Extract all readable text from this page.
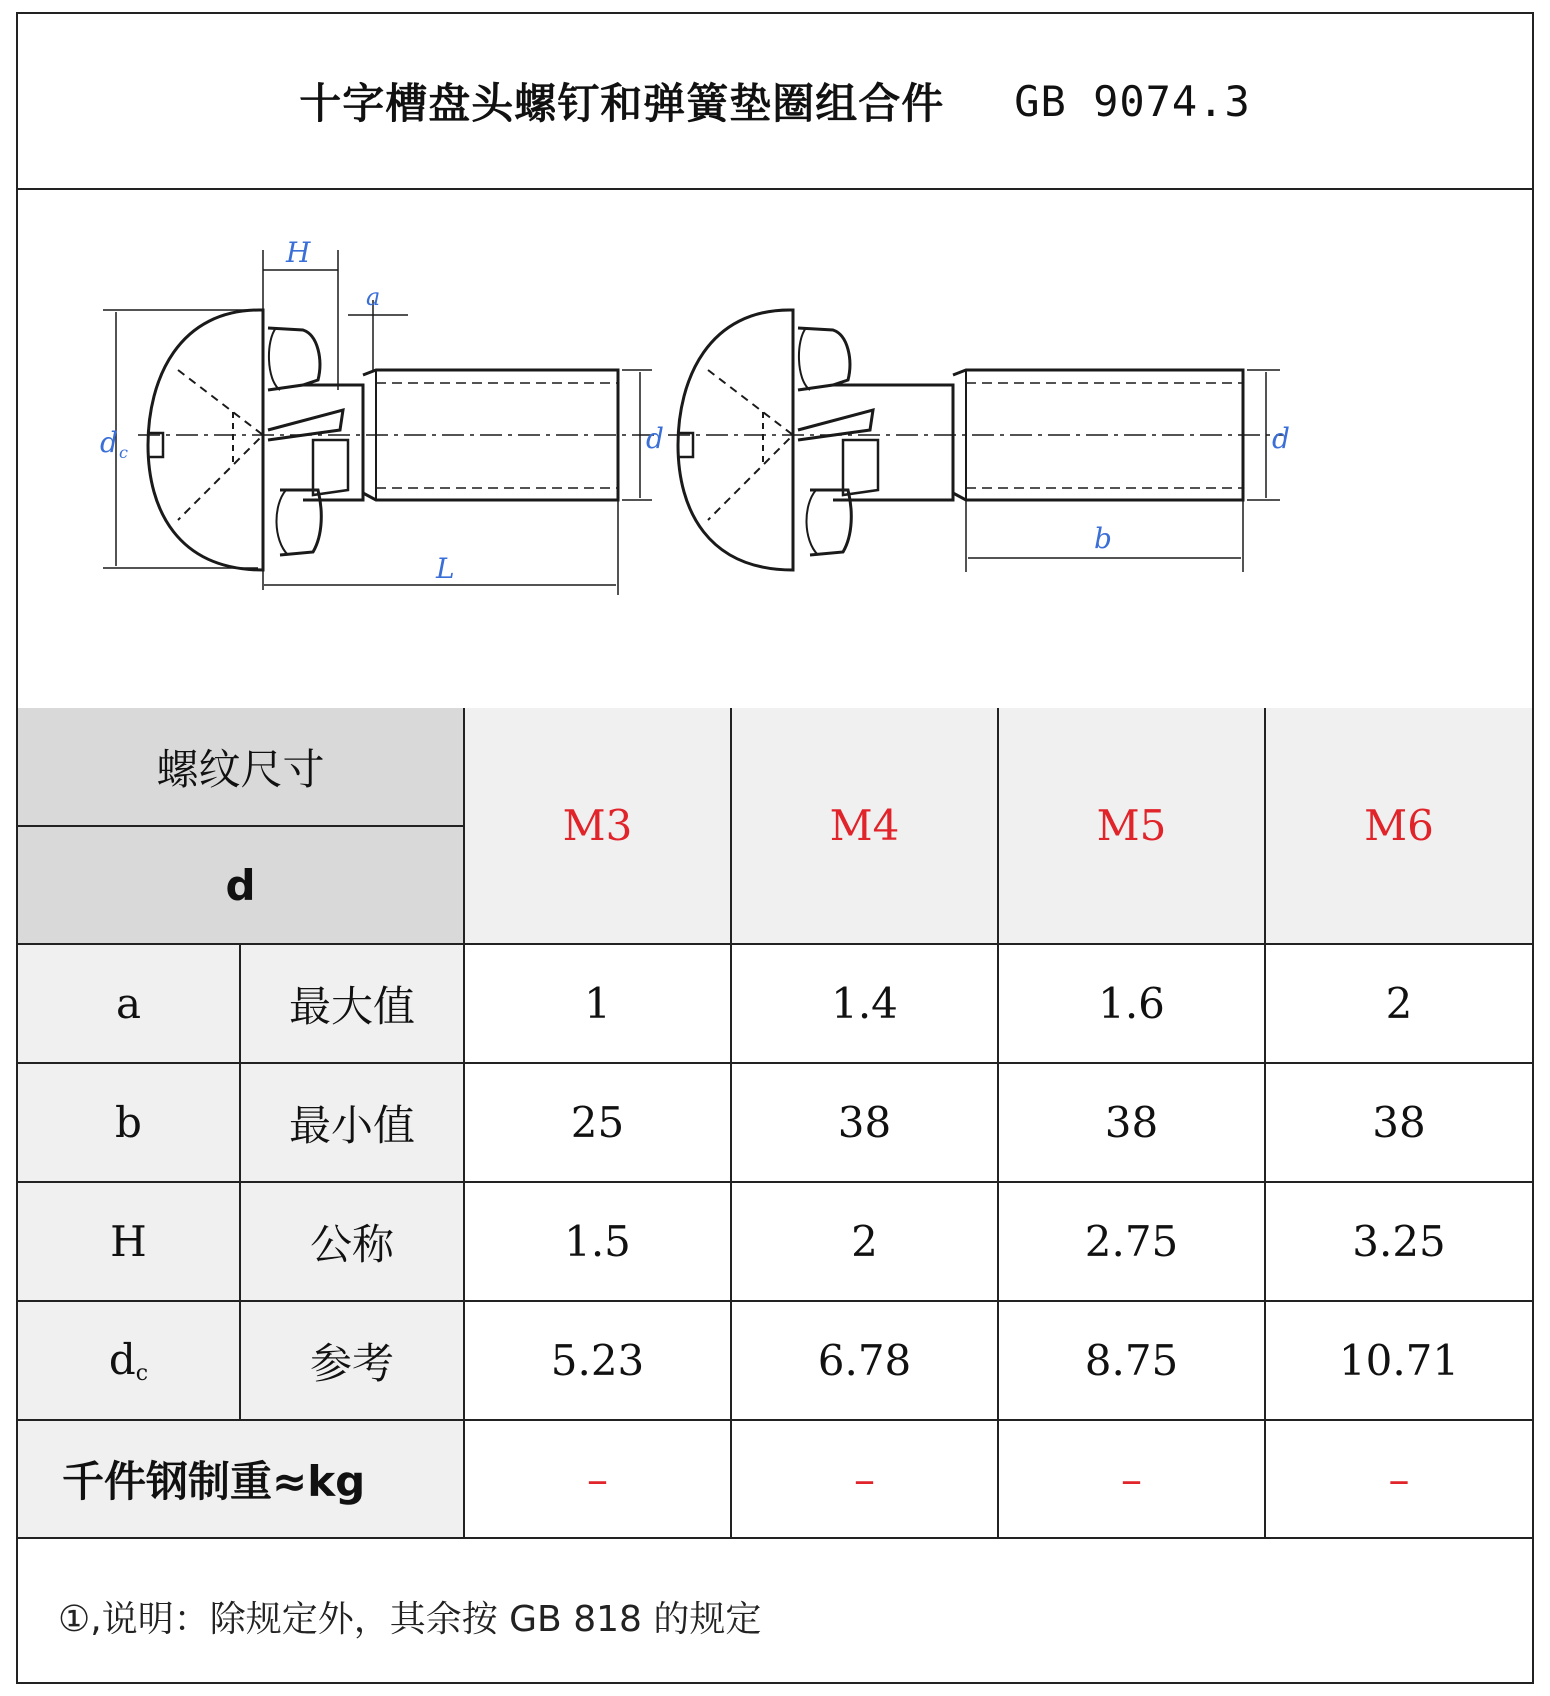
十字槽盘头螺钉和弹簧垫圈组合件 GB 9074.3
H
a
d c	d
L
d
b
螺纹尺寸		M3	M4	M5	M6
d					
a	最大值	1	1.4	1.6	2
b	最小值	25	38	38	38
H	公称	1.5	2	2.75	3.25
$d_c$	参考	5.23	6.78	8.75	10.71
千件钢制重≈kg		–	–	–	–
①,说明：除规定外，其余按 GB 818 的规定
